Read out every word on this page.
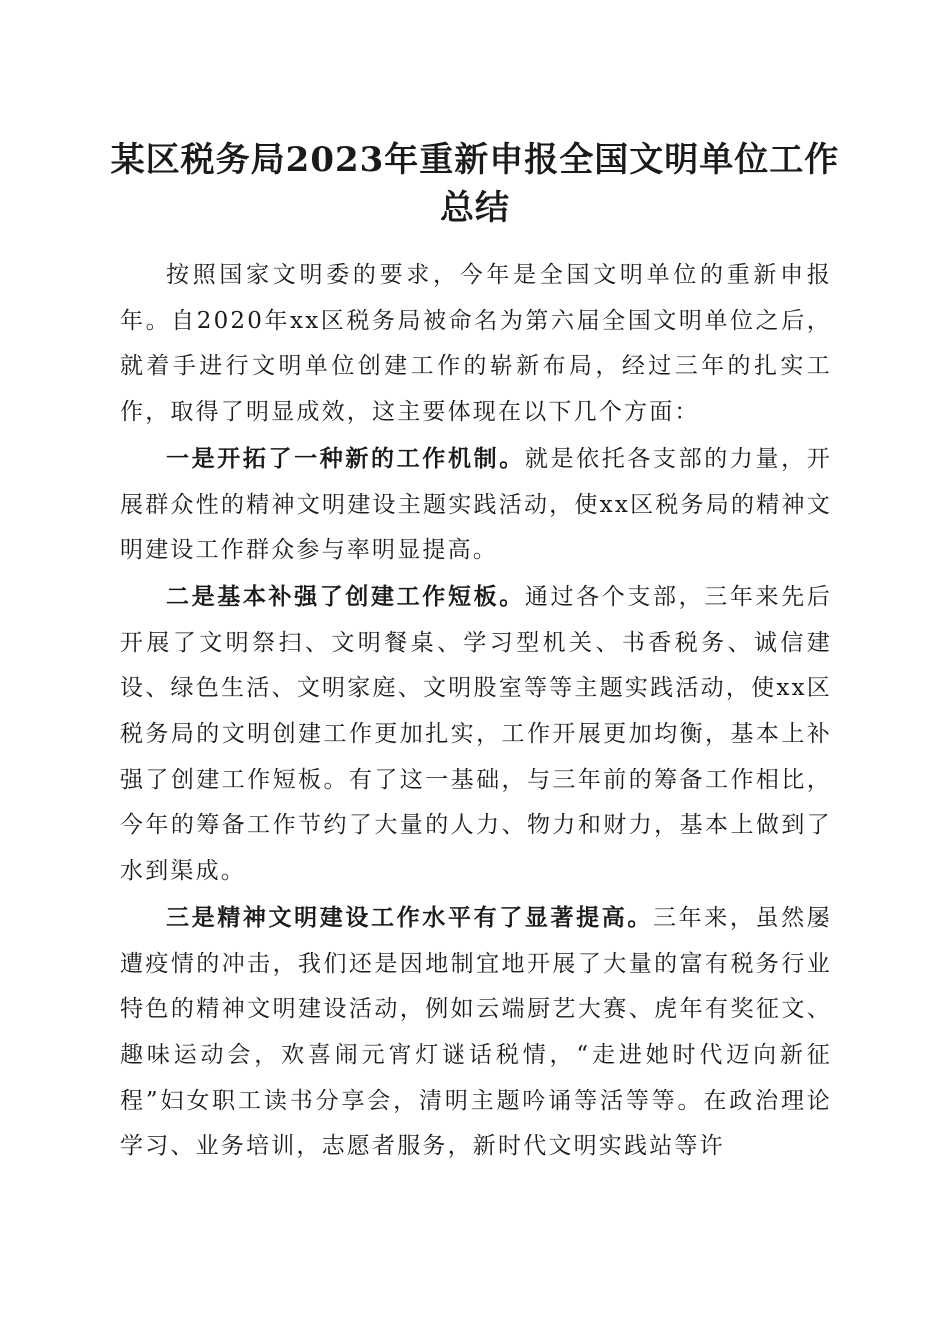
某区税务局2023年重新申报全国文明单位工作总结

按照国家文明委的要求，今年是全国文明单位的重新申报年。自2020年xx区税务局被命名为第六届全国文明单位之后，就着手进行文明单位创建工作的崭新布局，经过三年的扎实工作，取得了明显成效，这主要体现在以下几个方面：

一是开拓了一种新的工作机制。就是依托各支部的力量，开展群众性的精神文明建设主题实践活动，使xx区税务局的精神文明建设工作群众参与率明显提高。

二是基本补强了创建工作短板。通过各个支部，三年来先后开展了文明祭扫、文明餐桌、学习型机关、书香税务、诚信建设、绿色生活、文明家庭、文明股室等等主题实践活动，使xx区税务局的文明创建工作更加扎实，工作开展更加均衡，基本上补强了创建工作短板。有了这一基础，与三年前的筹备工作相比，今年的筹备工作节约了大量的人力、物力和财力，基本上做到了水到渠成。

三是精神文明建设工作水平有了显著提高。三年来，虽然屡遭疫情的冲击，我们还是因地制宜地开展了大量的富有税务行业特色的精神文明建设活动，例如云端厨艺大赛、虎年有奖征文、趣味运动会，欢喜闹元宵灯谜话税情，“走进她时代迈向新征程”妇女职工读书分享会，清明主题吟诵等活等等。在政治理论学习、业务培训，志愿者服务，新时代文明实践站等许
